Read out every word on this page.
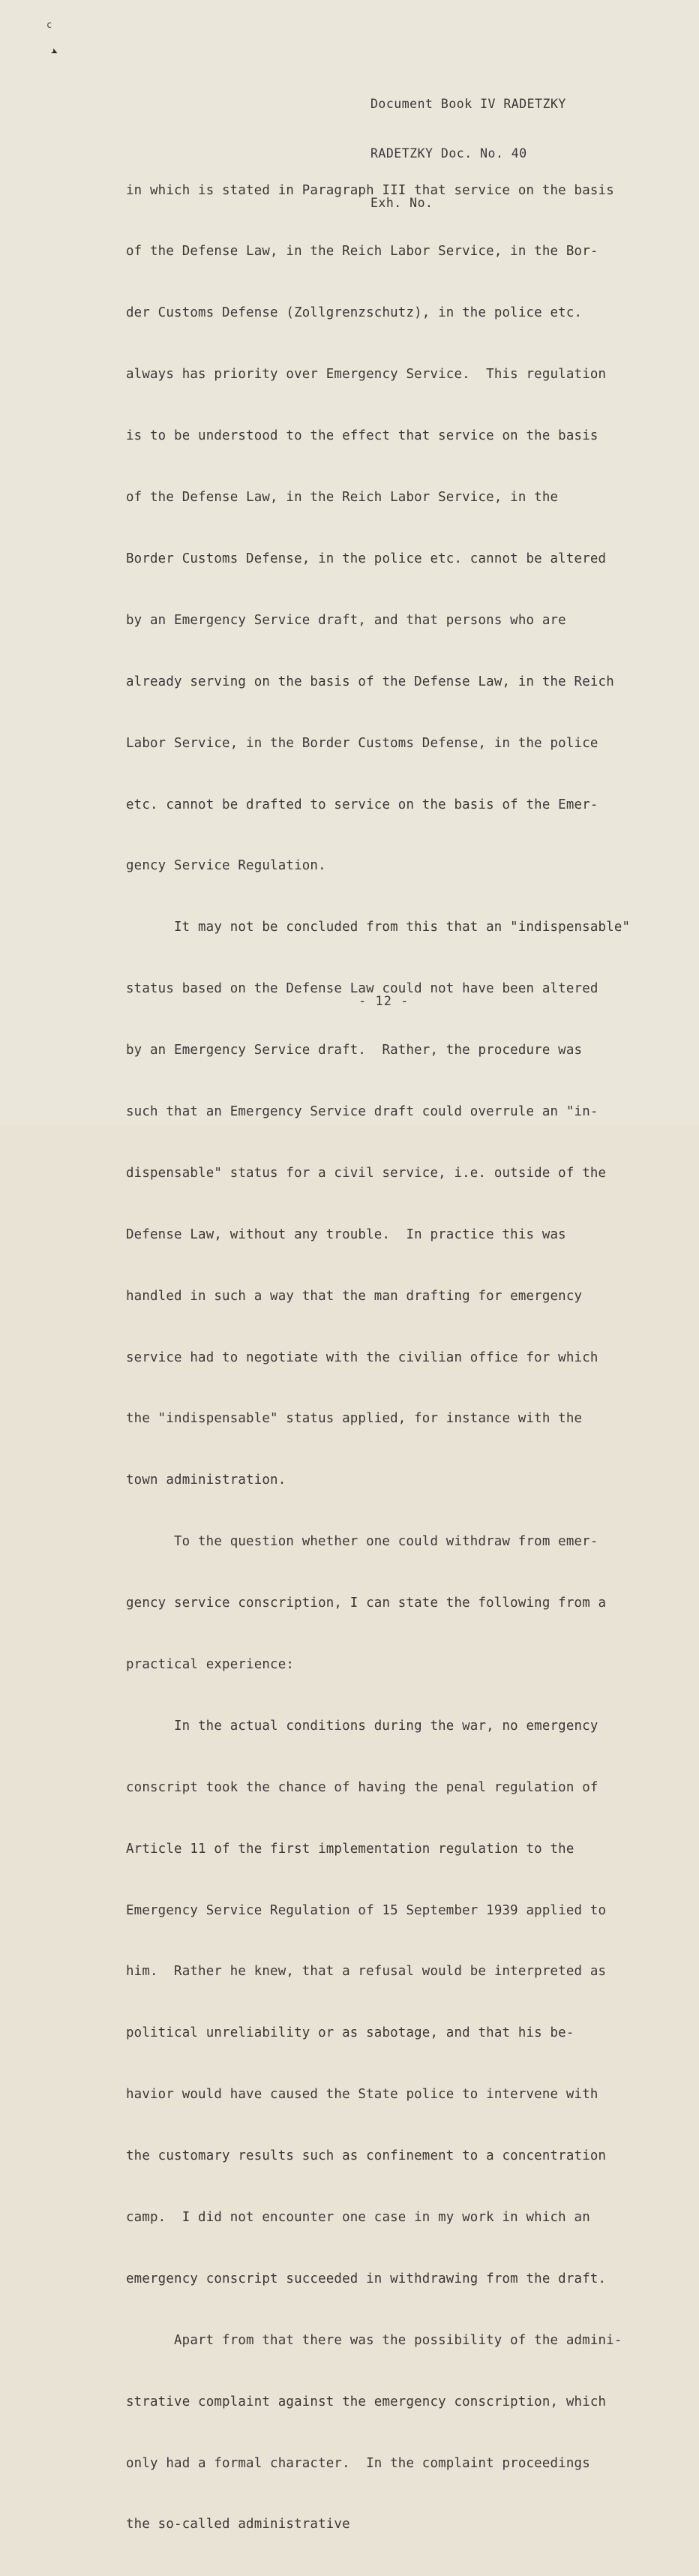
c
➤

Document Book IV RADETZKY

RADETZKY Doc. No. 40

Exh. No.

in which is stated in Paragraph III that service on the basis

of the Defense Law, in the Reich Labor Service, in the Bor-

der Customs Defense (Zollgrenzschutz), in the police etc.

always has priority over Emergency Service.  This regulation

is to be understood to the effect that service on the basis

of the Defense Law, in the Reich Labor Service, in the

Border Customs Defense, in the police etc. cannot be altered

by an Emergency Service draft, and that persons who are

already serving on the basis of the Defense Law, in the Reich

Labor Service, in the Border Customs Defense, in the police

etc. cannot be drafted to service on the basis of the Emer-

gency Service Regulation.

It may not be concluded from this that an "indispensable"

status based on the Defense Law could not have been altered

by an Emergency Service draft.  Rather, the procedure was

such that an Emergency Service draft could overrule an "in-

dispensable" status for a civil service, i.e. outside of the

Defense Law, without any trouble.  In practice this was

handled in such a way that the man drafting for emergency

service had to negotiate with the civilian office for which

the "indispensable" status applied, for instance with the

town administration.

To the question whether one could withdraw from emer-

gency service conscription, I can state the following from a

practical experience:

In the actual conditions during the war, no emergency

conscript took the chance of having the penal regulation of

Article 11 of the first implementation regulation to the

Emergency Service Regulation of 15 September 1939 applied to

him.  Rather he knew, that a refusal would be interpreted as

political unreliability or as sabotage, and that his be-

havior would have caused the State police to intervene with

the customary results such as confinement to a concentration

camp.  I did not encounter one case in my work in which an

emergency conscript succeeded in withdrawing from the draft.

Apart from that there was the possibility of the admini-

strative complaint against the emergency conscription, which

only had a formal character.  In the complaint proceedings

the so-called administrative

- 12 -
